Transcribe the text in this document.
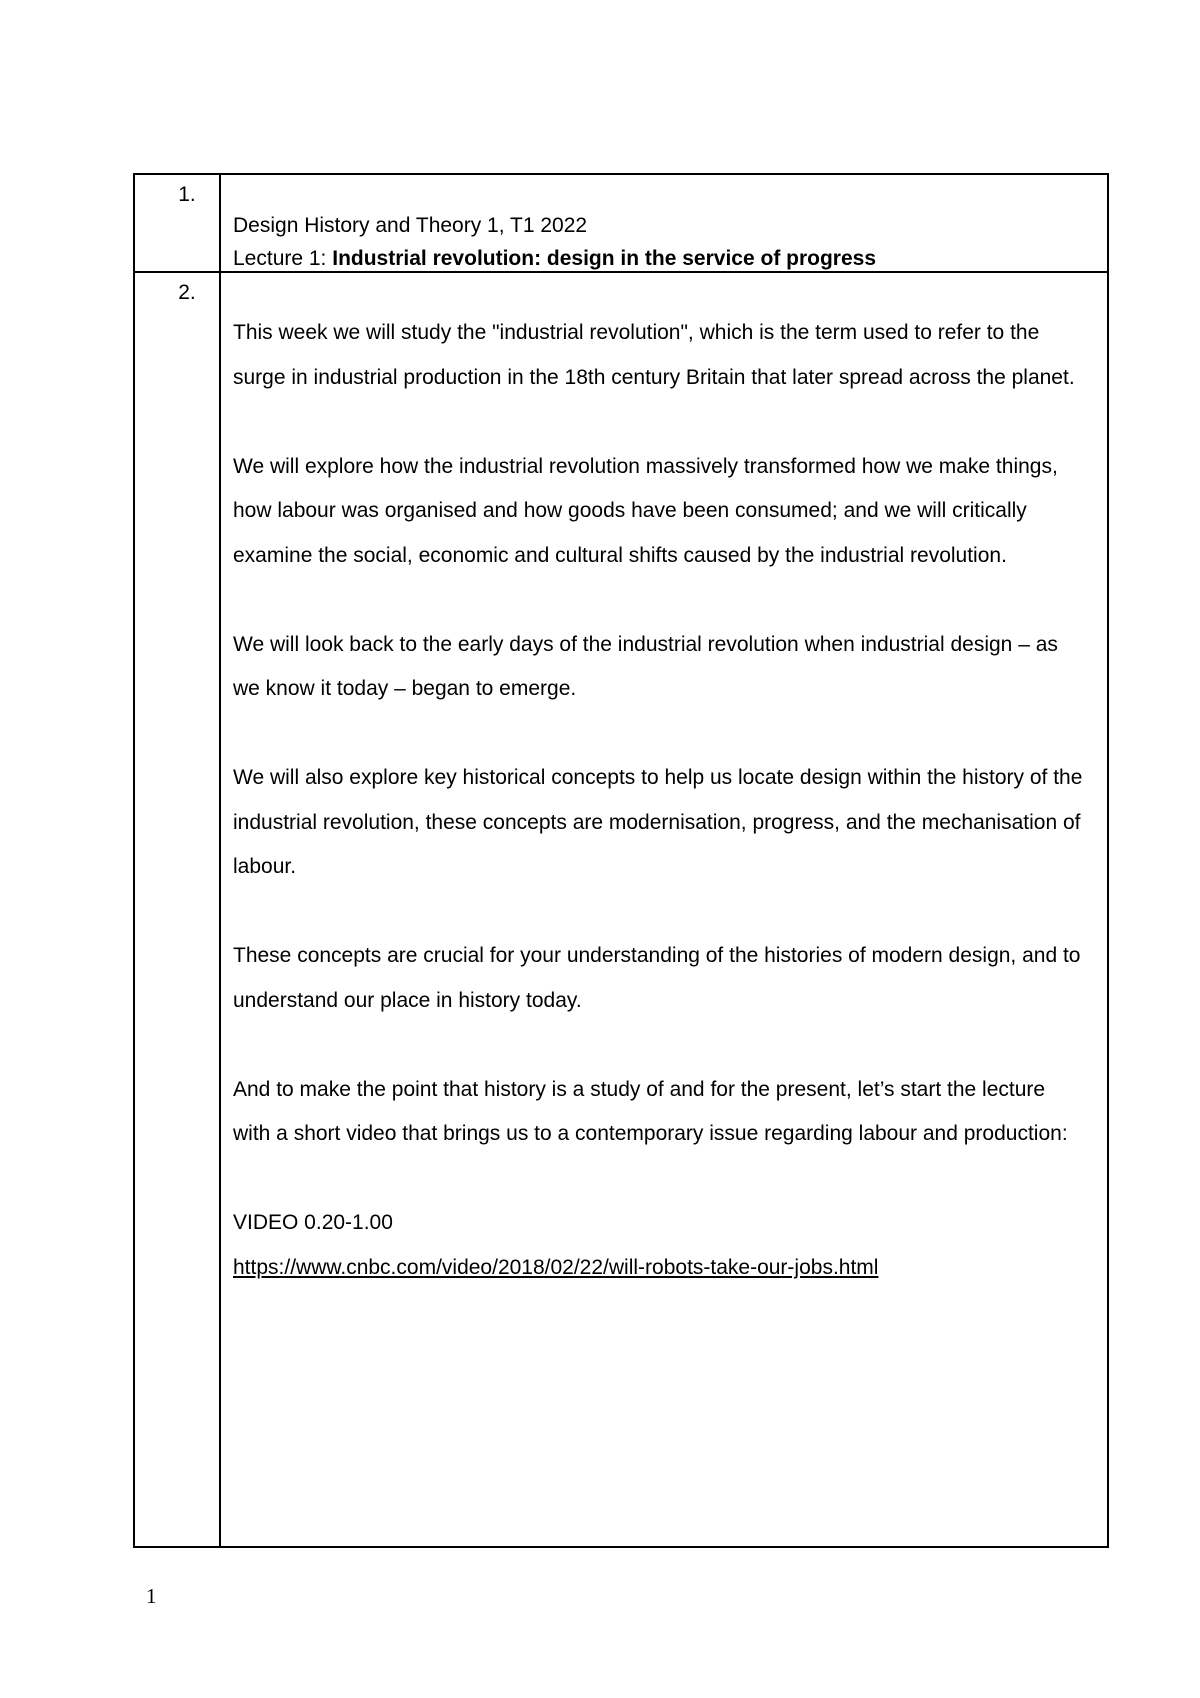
1.
Design History and Theory 1, T1 2022
Lecture 1: Industrial revolution: design in the service of progress
2.

This week we will study the "industrial revolution", which is the term used to refer to the surge in industrial production in the 18th century Britain that later spread across the planet.

We will explore how the industrial revolution massively transformed how we make things, how labour was organised and how goods have been consumed; and we will critically examine the social, economic and cultural shifts caused by the industrial revolution.

We will look back to the early days of the industrial revolution when industrial design – as we know it today – began to emerge.

We will also explore key historical concepts to help us locate design within the history of the industrial revolution, these concepts are modernisation, progress, and the mechanisation of labour.

These concepts are crucial for your understanding of the histories of modern design, and to understand our place in history today.

And to make the point that history is a study of and for the present, let’s start the lecture with a short video that brings us to a contemporary issue regarding labour and production:

VIDEO 0.20-1.00

https://www.cnbc.com/video/2018/02/22/will-robots-take-our-jobs.html

1
